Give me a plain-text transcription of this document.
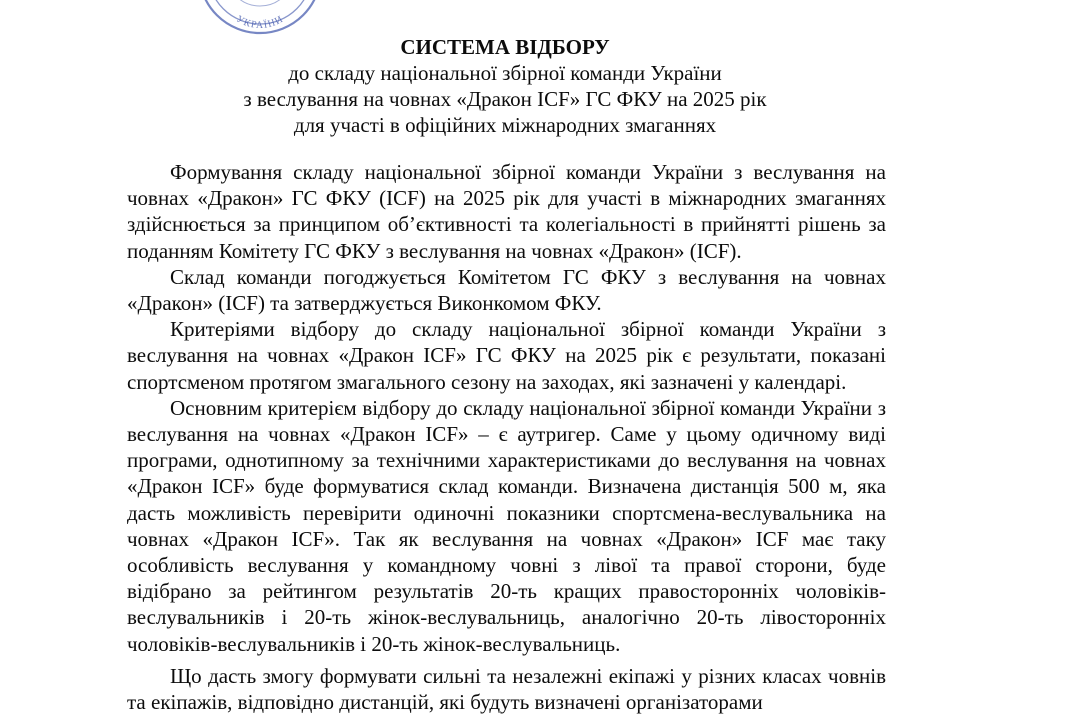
УКРАЇНИ
СИСТЕМА ВІДБОРУ
до складу національної збірної команди України
з веслування на човнах «Дракон ICF» ГС ФКУ на 2025 рік
для участі в офіційних міжнародних змаганнях

Формування складу національної збірної команди України з веслування на човнах «Дракон» ГС ФКУ (ICF) на 2025 рік для участі в міжнародних змаганнях здійснюється за принципом об’єктивності та колегіальності в прийнятті рішень за поданням Комітету ГС ФКУ з веслування на човнах «Дракон» (ICF).

Склад команди погоджується Комітетом ГС ФКУ з веслування на човнах «Дракон» (ICF) та затверджується Виконкомом ФКУ.

Критеріями відбору до складу національної збірної команди України з веслування на човнах «Дракон ICF» ГС ФКУ на 2025 рік є результати, показані спортсменом протягом змагального сезону на заходах, які зазначені у календарі.

Основним критерієм відбору до складу національної збірної команди України з веслування на човнах «Дракон ICF» – є аутригер. Саме у цьому одичному виді програми, однотипному за технічними характеристиками до веслування на човнах «Дракон ICF» буде формуватися склад команди. Визначена дистанція 500 м, яка дасть можливість перевірити одиночні показники спортсмена-веслувальника на човнах «Дракон ICF». Так як веслування на човнах «Дракон» ICF має таку особливість веслування у командному човні з лівої та правої сторони, буде відібрано за рейтингом результатів 20-ть кращих правосторонніх чоловіків-веслувальників і 20-ть жінок-веслувальниць, аналогічно 20-ть лівосторонніх чоловіків-веслувальників і 20-ть жінок-веслувальниць.

Що дасть змогу формувати сильні та незалежні екіпажі у різних класах човнів та екіпажів, відповідно дистанцій, які будуть визначені організаторами
